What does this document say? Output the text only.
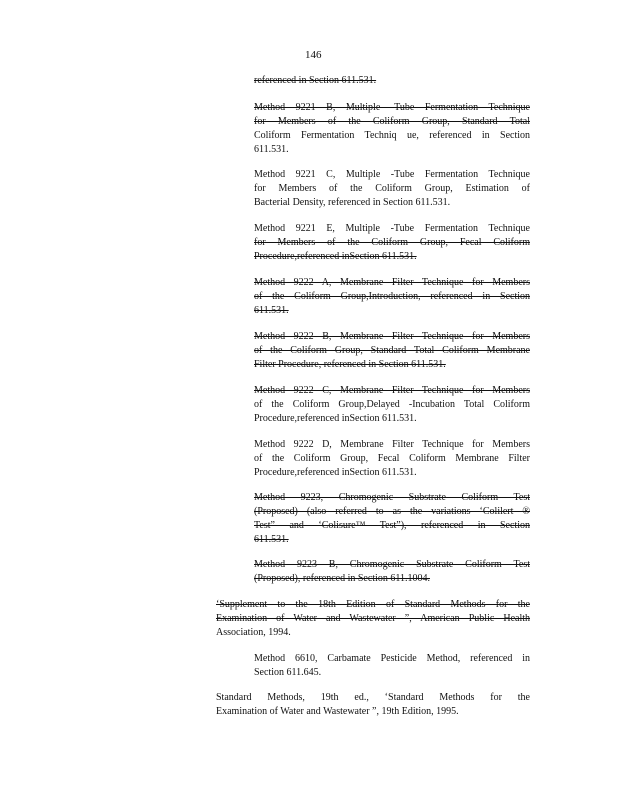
146
referenced in Section 611.531.
Method 9221 B, Multiple -Tube Fermentation Technique
for Members of the Coliform Group, Standard Total
Coliform Fermentation Techniq ue, referenced in Section
611.531.
Method 9221 C, Multiple -Tube Fermentation Technique
for Members of the Coliform Group, Estimation of
Bacterial Density, referenced in Section 611.531.
Method 9221 E, Multiple -Tube Fermentation Technique
for Members of the Coliform Group, Fecal Coliform
Procedure,referenced inSection 611.531.
Method 9222 A, Membrane Filter Technique for Members
of the Coliform Group,Introduction, referenced in Section
611.531.
Method 9222 B, Membrane Filter Technique for Members
of the Coliform Group, Standard Total Coliform Membrane
Filter Procedure, referenced in Section 611.531.
Method 9222 C, Membrane Filter Technique for Members
of the Coliform Group,Delayed -Incubation Total Coliform
Procedure,referenced inSection 611.531.
Method 9222 D, Membrane Filter Technique for Members
of the Coliform Group, Fecal Coliform Membrane Filter
Procedure,referenced inSection 611.531.
Method 9223, Chromogenic Substrate Coliform Test
(Proposed) (also referred to as the variations ‘Colilert ®
Test” and ‘Colisure™ Test”), referenced in Section
611.531.
Method 9223 B, Chromogenic Substrate Coliform Test
(Proposed), referenced in Section 611.1004.
‘Supplement to the 18th Edition of Standard Methods for the
Examination of Water and Wastewater ”, American Public Health
Association, 1994.
Method 6610, Carbamate Pesticide Method, referenced in
Section 611.645.
Standard Methods, 19th ed., ‘Standard Methods for the
Examination of Water and Wastewater ”, 19th Edition, 1995.
